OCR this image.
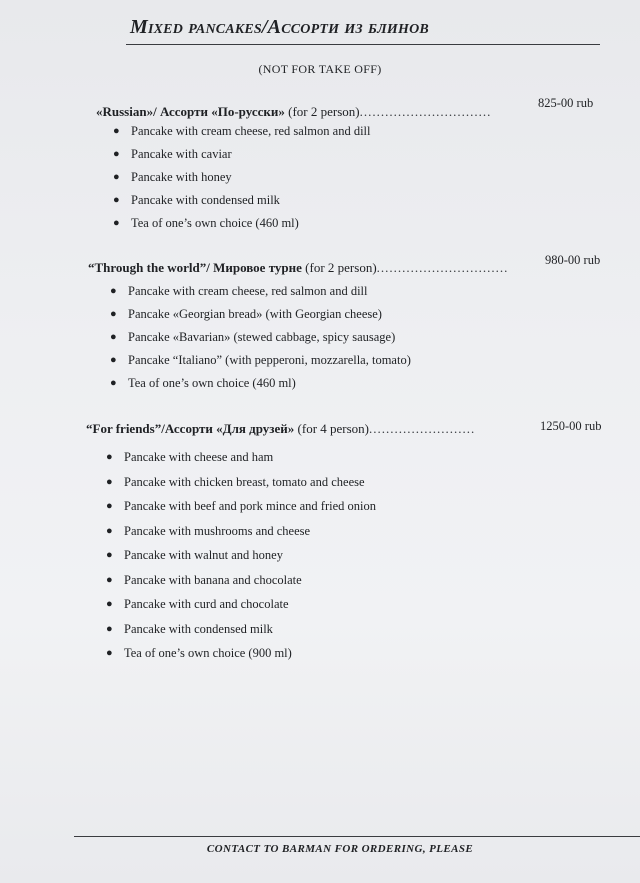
Mixed pancakes/Ассорти из блинов
(NOT FOR TAKE OFF)
«Russian»/ Ассорти «По-русски» (for 2 person)...............................
825-00 rub
● Pancake with cream cheese, red salmon and dill
● Pancake with caviar
● Pancake with honey
● Pancake with condensed milk
● Tea of one’s own choice (460 ml)
“Through the world”/ Мировое турне (for 2 person)...............................	980-00 rub
● Pancake with cream cheese, red salmon and dill
● Pancake «Georgian bread» (with Georgian cheese)
● Pancake «Bavarian» (stewed cabbage, spicy sausage)
● Pancake “Italiano” (with pepperoni, mozzarella, tomato)
● Tea of one’s own choice (460 ml)
“For friends”/Ассорти «Для друзей» (for 4 person).........................	1250-00 rub
● Pancake with cheese and ham
● Pancake with chicken breast, tomato and cheese
● Pancake with beef and pork mince and fried onion
● Pancake with mushrooms and cheese
● Pancake with walnut and honey
● Pancake with banana and chocolate
● Pancake with curd and chocolate
● Pancake with condensed milk
● Tea of one’s own choice (900 ml)
CONTACT TO BARMAN FOR ORDERING, PLEASE
